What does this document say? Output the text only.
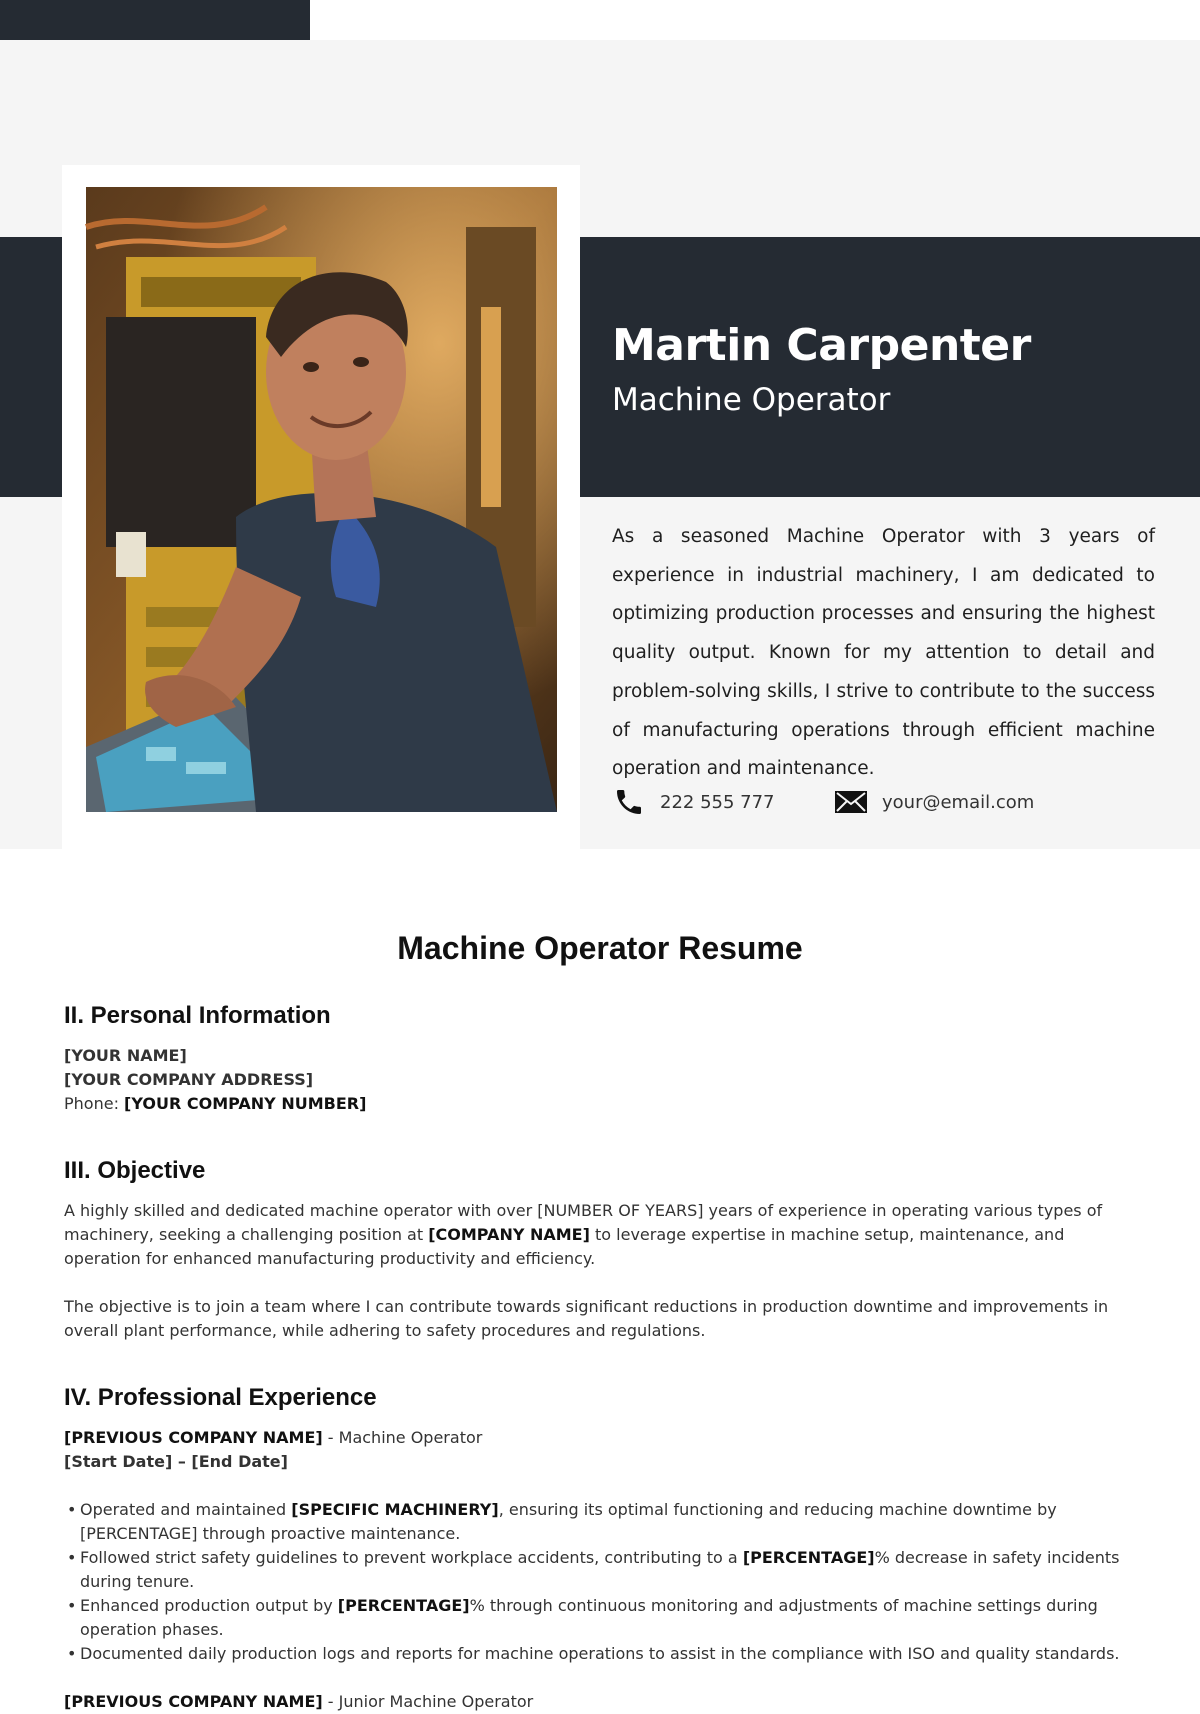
Martin Carpenter
Machine Operator

As a seasoned Machine Operator with 3 years of experience in industrial machinery, I am dedicated to optimizing production processes and ensuring the highest quality output. Known for my attention to detail and problem-solving skills, I strive to contribute to the success of manufacturing operations through efficient machine operation and maintenance.

222 555 777	your@email.com
Machine Operator Resume
II. Personal Information

[YOUR NAME]

[YOUR COMPANY ADDRESS]

Phone: [YOUR COMPANY NUMBER]

III. Objective

A highly skilled and dedicated machine operator with over [NUMBER OF YEARS] years of experience in operating various types of machinery, seeking a challenging position at [COMPANY NAME] to leverage expertise in machine setup, maintenance, and operation for enhanced manufacturing productivity and efficiency.

The objective is to join a team where I can contribute towards significant reductions in production downtime and improvements in overall plant performance, while adhering to safety procedures and regulations.

IV. Professional Experience

[PREVIOUS COMPANY NAME] - Machine Operator

[Start Date] – [End Date]

• Operated and maintained [SPECIFIC MACHINERY], ensuring its optimal functioning and reducing machine downtime by [PERCENTAGE] through proactive maintenance.
• Followed strict safety guidelines to prevent workplace accidents, contributing to a [PERCENTAGE]% decrease in safety incidents during tenure.
• Enhanced production output by [PERCENTAGE]% through continuous monitoring and adjustments of machine settings during operation phases.
• Documented daily production logs and reports for machine operations to assist in the compliance with ISO and quality standards.

[PREVIOUS COMPANY NAME] - Junior Machine Operator
